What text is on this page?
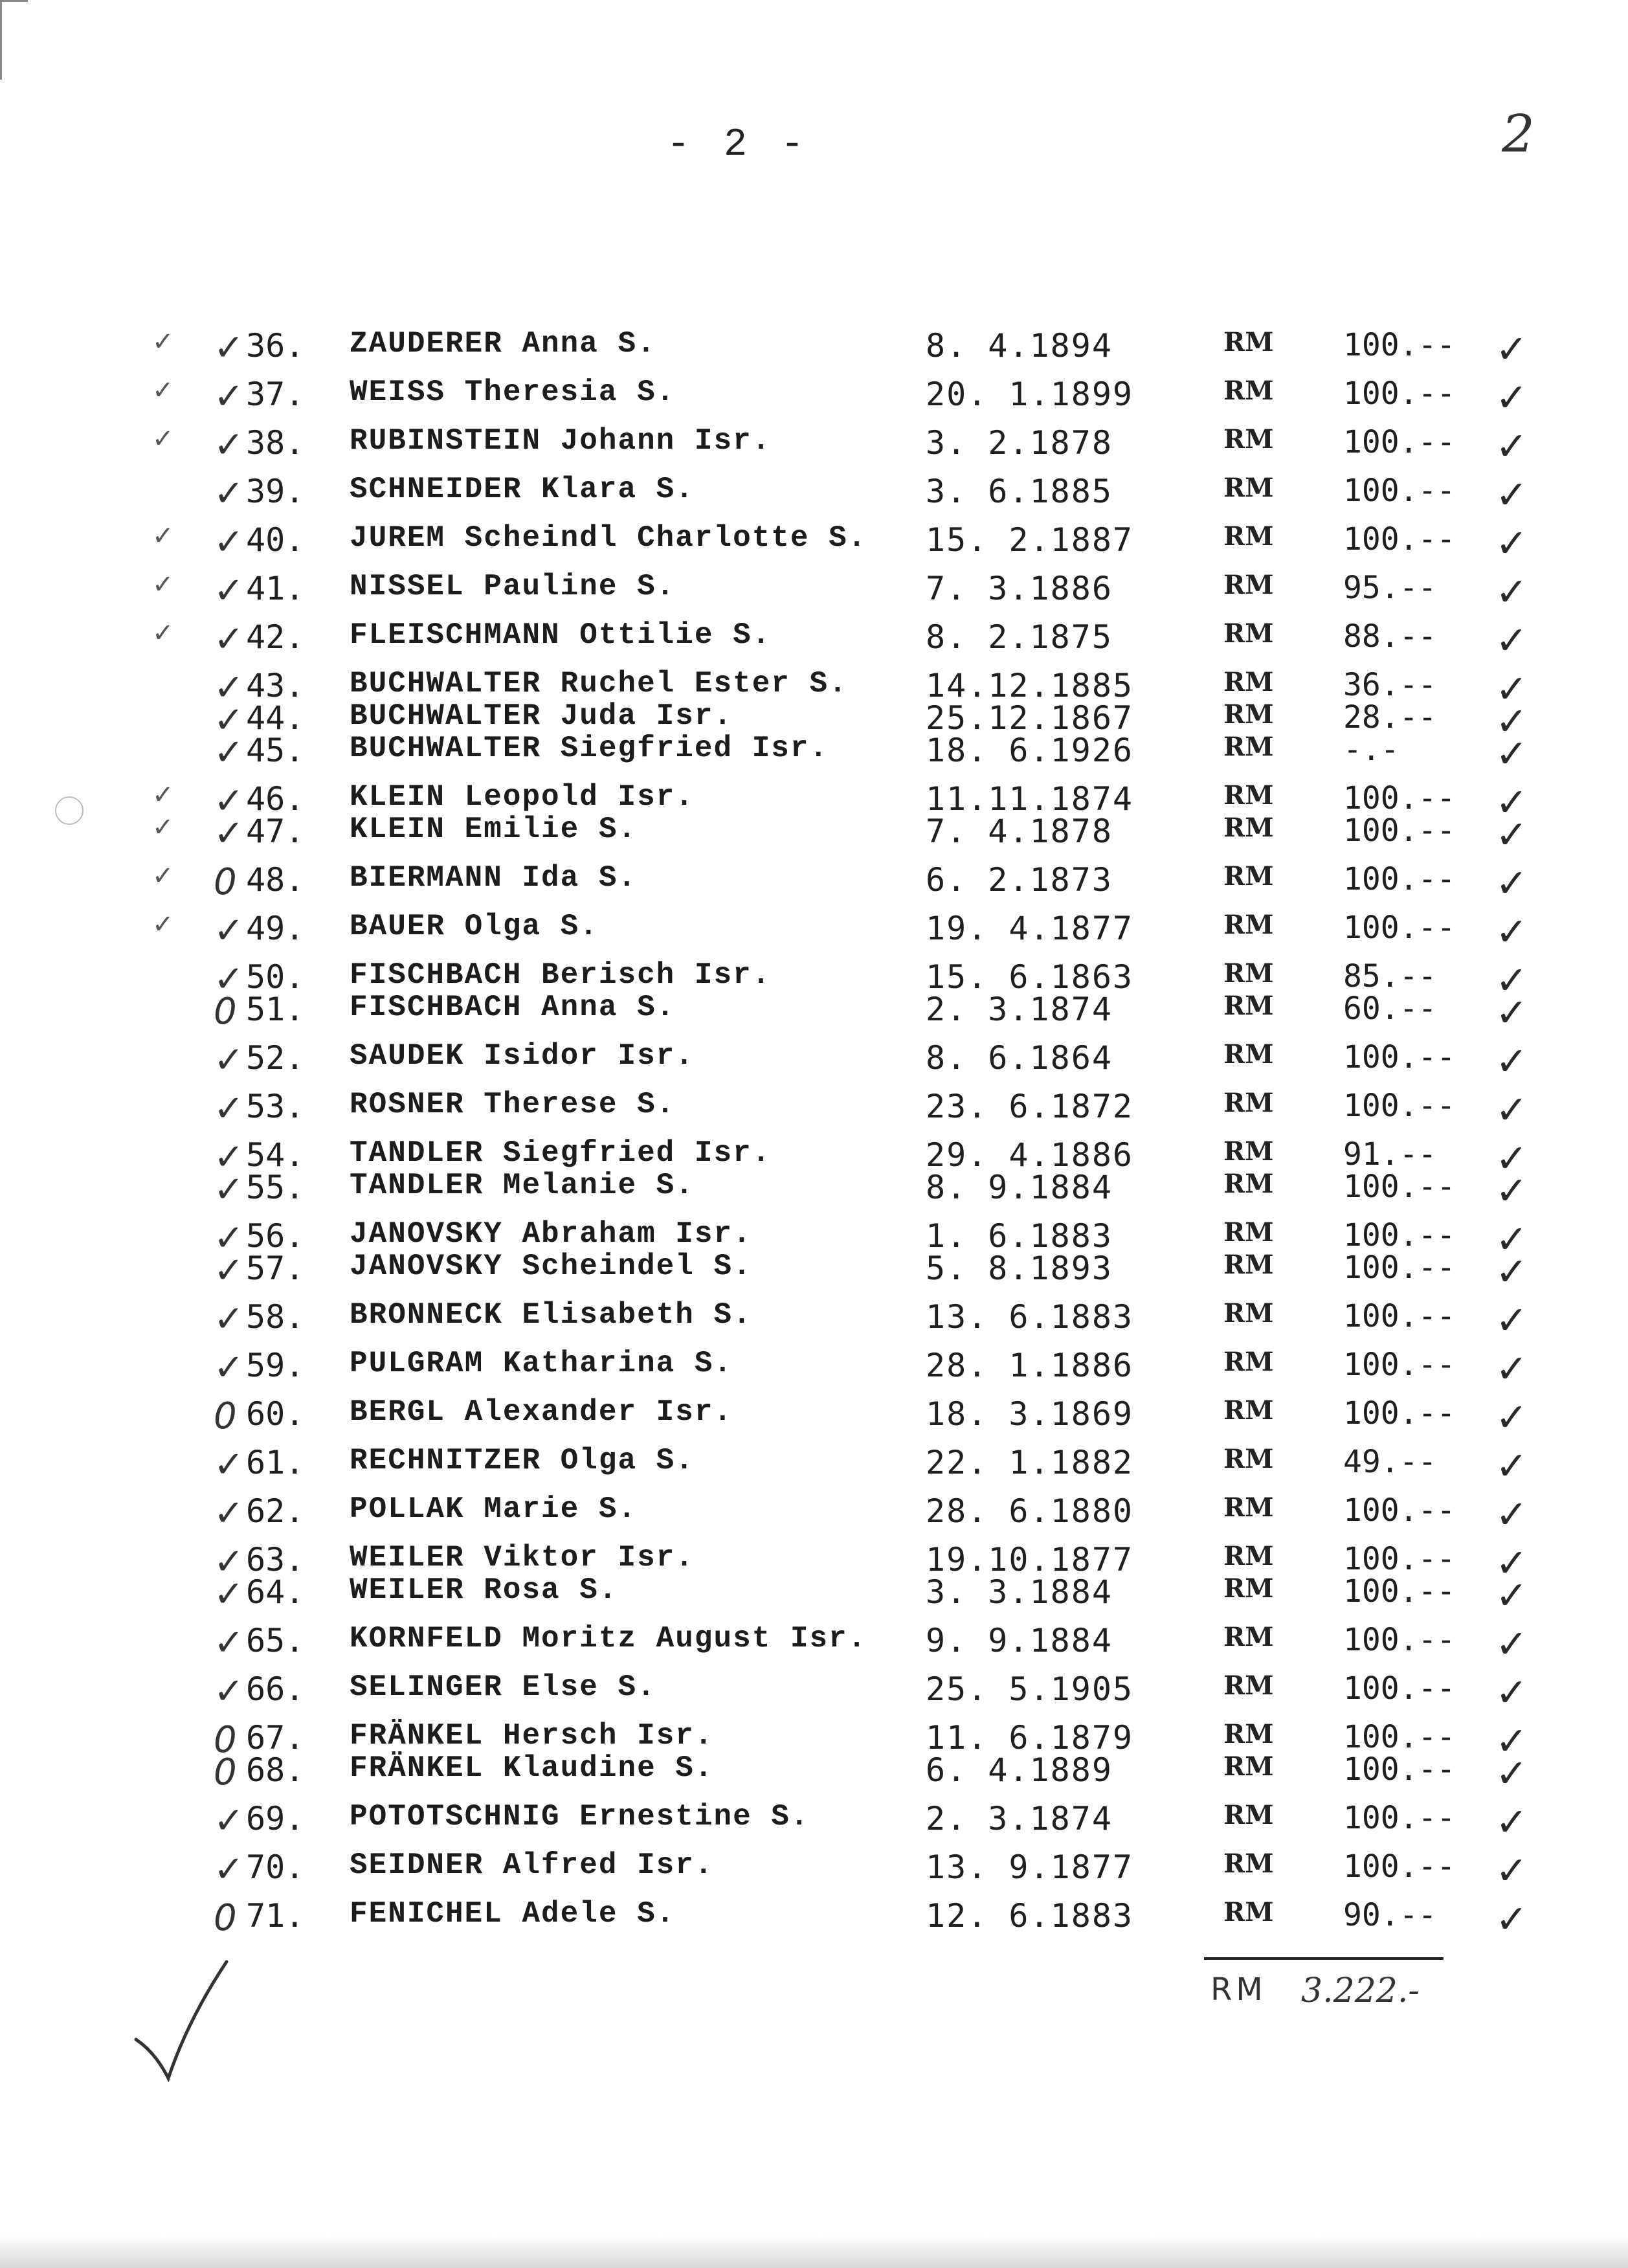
- 2 -	2
✓ ✓ 36. ZAUDERER Anna S.	8. 4.1894	RM 100.-- ✓
✓ ✓ 37. WEISS Theresia S.	20. 1.1899	RM 100.-- ✓
✓ ✓ 38. RUBINSTEIN Johann Isr.	3. 2.1878	RM 100.-- ✓
✓ 39. SCHNEIDER Klara S.	3. 6.1885	RM 100.-- ✓
✓ ✓ 40. JUREM Scheindl Charlotte S. 15. 2.1887	RM 100.-- ✓
✓ ✓ 41. NISSEL Pauline S.	7. 3.1886	RM 95.-- ✓
✓ ✓ 42. FLEISCHMANN Ottilie S.	8. 2.1875	RM 88.-- ✓
✓ 43. BUCHWALTER Ruchel Ester S. 14.12.1885	RM 36.-- ✓
✓ 44. BUCHWALTER Juda Isr.	25.12.1867	RM 28.-- ✓
✓ 45. BUCHWALTER Siegfried Isr.	18. 6.1926	RM -.- ✓
✓ ✓ 46. KLEIN Leopold Isr.	11.11.1874	RM 100.-- ✓
✓ ✓ 47. KLEIN Emilie S.	7. 4.1878	RM 100.-- ✓
✓ 0 48. BIERMANN Ida S.	6. 2.1873	RM 100.-- ✓
✓ ✓ 49. BAUER Olga S.	19. 4.1877	RM 100.-- ✓
✓ 50. FISCHBACH Berisch Isr.	15. 6.1863	RM 85.-- ✓
0 51. FISCHBACH Anna S.	2. 3.1874	RM 60.-- ✓
✓ 52. SAUDEK Isidor Isr.	8. 6.1864	RM 100.-- ✓
✓ 53. ROSNER Therese S.	23. 6.1872	RM 100.-- ✓
✓ 54. TANDLER Siegfried Isr.	29. 4.1886	RM 91.-- ✓
✓ 55. TANDLER Melanie S.	8. 9.1884	RM 100.-- ✓
✓ 56. JANOVSKY Abraham Isr.	1. 6.1883	RM 100.-- ✓
✓ 57. JANOVSKY Scheindel S.	5. 8.1893	RM 100.-- ✓
✓ 58. BRONNECK Elisabeth S.	13. 6.1883	RM 100.-- ✓
✓ 59. PULGRAM Katharina S.	28. 1.1886	RM 100.-- ✓
0 60. BERGL Alexander Isr.	18. 3.1869	RM 100.-- ✓
✓ 61. RECHNITZER Olga S.	22. 1.1882	RM 49.-- ✓
✓ 62. POLLAK Marie S.	28. 6.1880	RM 100.-- ✓
✓ 63. WEILER Viktor Isr.	19.10.1877	RM 100.-- ✓
✓ 64. WEILER Rosa S.	3. 3.1884	RM 100.-- ✓
✓ 65. KORNFELD Moritz August Isr. 9. 9.1884	RM 100.-- ✓
✓ 66. SELINGER Else S.	25. 5.1905	RM 100.-- ✓
0 67. FRÄNKEL Hersch Isr.	11. 6.1879	RM 100.-- ✓
0 68. FRÄNKEL Klaudine S.	6. 4.1889	RM 100.-- ✓
✓ 69. POTOTSCHNIG Ernestine S.	2. 3.1874	RM 100.-- ✓
✓ 70. SEIDNER Alfred Isr.	13. 9.1877	RM 100.-- ✓
0 71. FENICHEL Adele S.	12. 6.1883	RM 90.-- ✓
RM 3.222.-
